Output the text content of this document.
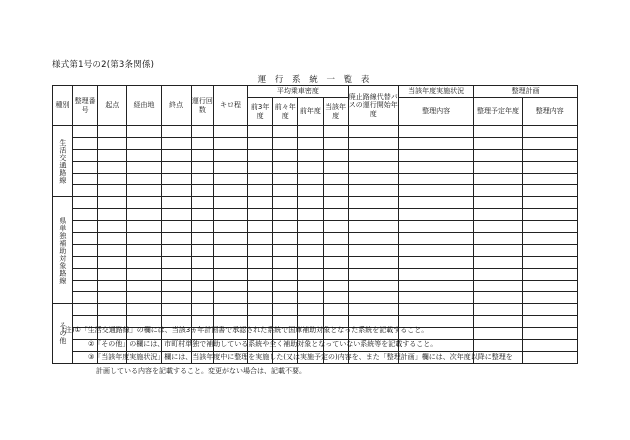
様式第1号の2(第3条関係)
運 行 系 統 一 覧 表
種別	整理番号	起点	経由地	終点	運行回数	キロ程	平均乗車密度				廃止路線代替バスの運行開始年度	当該年度実施状況	整理計画	
							前3年度	前々年度	前年度	当該年度		整理内容	整理予定年度	整理内容
生活交通路線														

県単独補助対象路線														

その他														

(注)①「生活交通路線」の欄には、当該3ヵ年計画書で承認された系統で国庫補助対象となった系統を記載すること。
②「その他」の欄には、市町村単独で補助している系統や全く補助対象となっていない系統等を記載すること。
③「当該年度実施状況」欄には、当該年度中に整理を実施した(又は実施予定の)内容を、また「整理計画」欄には、次年度以降に整理を
計画している内容を記載すること。変更がない場合は、記載不要。
